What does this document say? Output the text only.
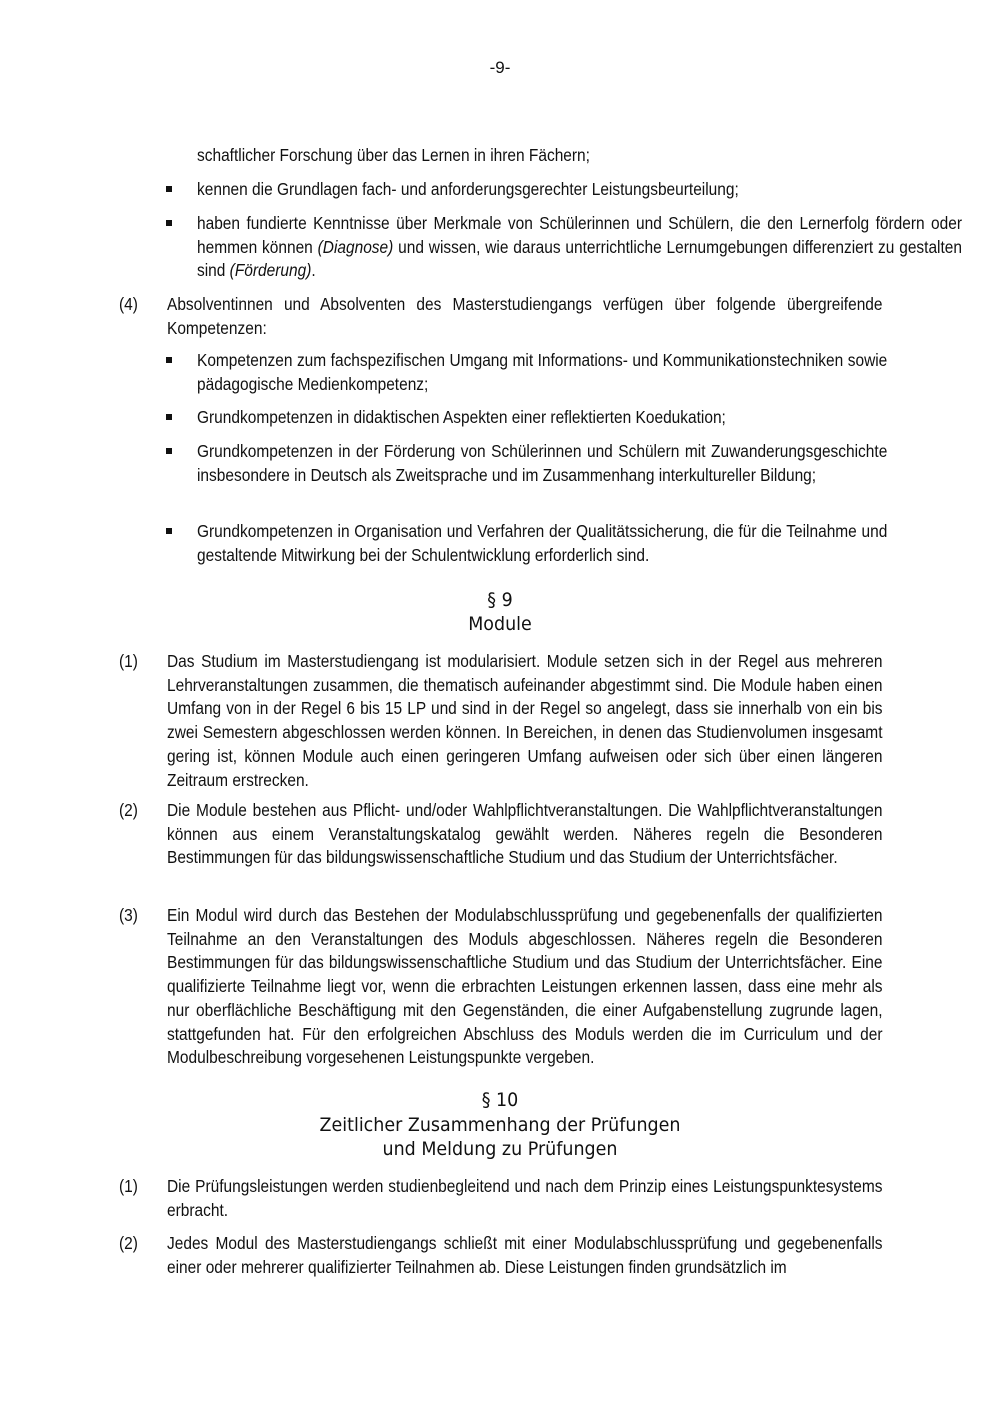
-9-
schaftlicher Forschung über das Lernen in ihren Fächern;
kennen die Grundlagen fach- und anforderungsgerechter Leistungsbeurteilung;
haben fundierte Kenntnisse über Merkmale von Schülerinnen und Schülern, die den Lernerfolg fördern oder hemmen können (Diagnose) und wissen, wie daraus unterrichtliche Lernumgebungen differenziert zu gestalten sind (Förderung).
(4) Absolventinnen und Absolventen des Masterstudiengangs verfügen über folgende übergreifende Kompetenzen:
Kompetenzen zum fachspezifischen Umgang mit Informations- und Kommunikationstechniken sowie pädagogische Medienkompetenz;
Grundkompetenzen in didaktischen Aspekten einer reflektierten Koedukation;
Grundkompetenzen in der Förderung von Schülerinnen und Schülern mit Zuwanderungsgeschichte insbesondere in Deutsch als Zweitsprache und im Zusammenhang interkultureller Bildung;
Grundkompetenzen in Organisation und Verfahren der Qualitätssicherung, die für die Teilnahme und gestaltende Mitwirkung bei der Schulentwicklung erforderlich sind.
§ 9
Module
(1) Das Studium im Masterstudiengang ist modularisiert. Module setzen sich in der Regel aus mehreren Lehrveranstaltungen zusammen, die thematisch aufeinander abgestimmt sind. Die Module haben einen Umfang von in der Regel 6 bis 15 LP und sind in der Regel so angelegt, dass sie innerhalb von ein bis zwei Semestern abgeschlossen werden können. In Bereichen, in denen das Studienvolumen insgesamt gering ist, können Module auch einen geringeren Umfang aufweisen oder sich über einen längeren Zeitraum erstrecken.
(2) Die Module bestehen aus Pflicht- und/oder Wahlpflichtveranstaltungen. Die Wahlpflichtveranstaltungen können aus einem Veranstaltungskatalog gewählt werden. Näheres regeln die Besonderen Bestimmungen für das bildungswissenschaftliche Studium und das Studium der Unterrichtsfächer.
(3) Ein Modul wird durch das Bestehen der Modulabschlussprüfung und gegebenenfalls der qualifizierten Teilnahme an den Veranstaltungen des Moduls abgeschlossen. Näheres regeln die Besonderen Bestimmungen für das bildungswissenschaftliche Studium und das Studium der Unterrichtsfächer. Eine qualifizierte Teilnahme liegt vor, wenn die erbrachten Leistungen erkennen lassen, dass eine mehr als nur oberflächliche Beschäftigung mit den Gegenständen, die einer Aufgabenstellung zugrunde lagen, stattgefunden hat. Für den erfolgreichen Abschluss des Moduls werden die im Curriculum und der Modulbeschreibung vorgesehenen Leistungspunkte vergeben.
§ 10
Zeitlicher Zusammenhang der Prüfungen
und Meldung zu Prüfungen
(1) Die Prüfungsleistungen werden studienbegleitend und nach dem Prinzip eines Leistungspunktesystems erbracht.
(2) Jedes Modul des Masterstudiengangs schließt mit einer Modulabschlussprüfung und gegebenenfalls einer oder mehrerer qualifizierter Teilnahmen ab. Diese Leistungen finden grundsätzlich im
